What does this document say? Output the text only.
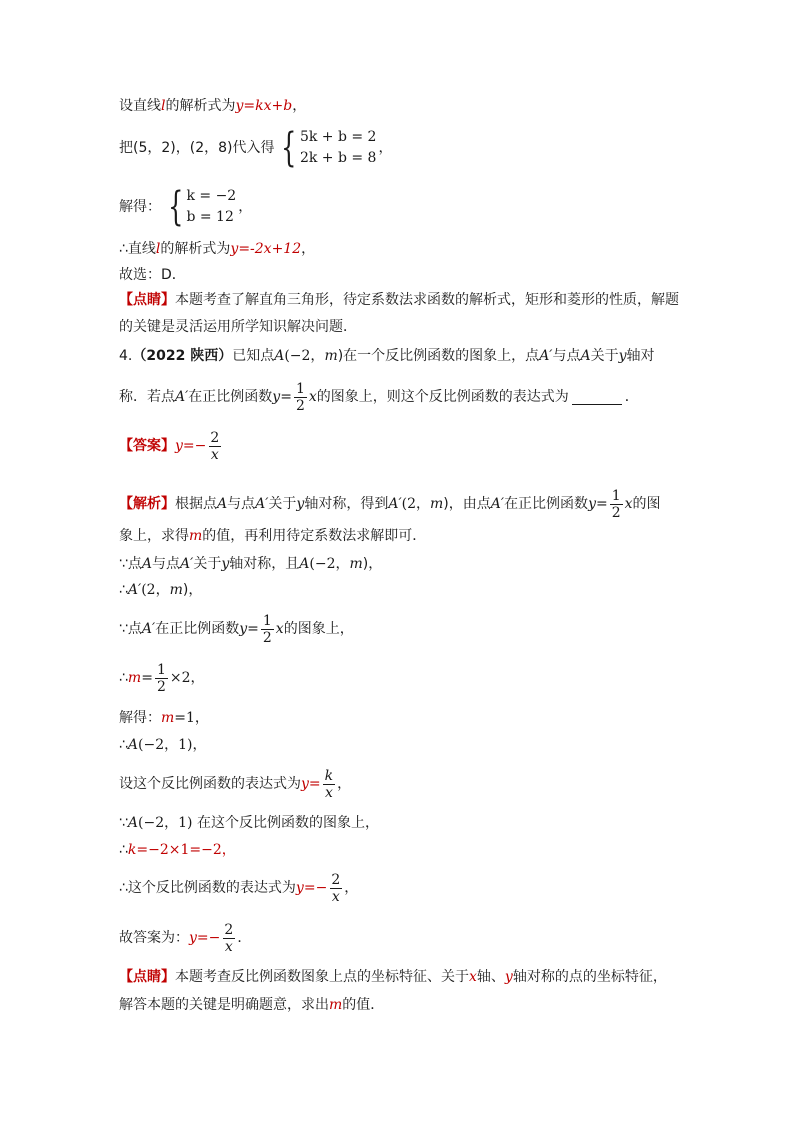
设直线 l 的解析式为 y=kx+b ，
把(5，2)，(2，8)代入得 { 5k + b = 2
2k + b = 8
，
解得： { k = −2
b = 12
，
∴直线 l 的解析式为 y=-2x+12 ，
故选：D．
【点睛】 本题考查了解直角三角形，待定系数法求函数的解析式，矩形和菱形的性质，解题
的关键是灵活运用所学知识解决问题．
4. （2022 陕西） 已知点 A (−2， m )在一个反比例函数的图象上，点 A′ 与点 A 关于 y 轴对
称．若点 A′ 在正比例函数 $y = \frac{1}{2}$ x 的图象上，则这个反比例函数的表达式为	．
【答案】 $y =- \frac{2}{x}$
【解析】 根据点 A 与点 A′ 关于 y 轴对称，得到 A′ (2， m )，由点 A′ 在正比例函数 $y = \frac{1}{2}$ x 的图
象上，求得 m 的值，再利用待定系数法求解即可．
∵点 A 与点 A′ 关于 y 轴对称，且 A (−2， m )，
∴ A′ (2， m )，
∵点 A′ 在正比例函数 $y = \frac{1}{2}$ x 的图象上，
∴ $m = \frac{1}{2} \times 2$，
解得： m =1，
∴ A (−2，1)，
设这个反比例函数的表达式为 $y = \frac{k}{x}$ ，
∵ A (−2，1) 在这个反比例函数的图象上，
∴ k =−2×1=−2，
∴这个反比例函数的表达式为 $y =- \frac{2}{x}$ ，
故答案为： $y =- \frac{2}{x}$ ．
【点睛】 本题考查反比例函数图象上点的坐标特征、关于 x 轴、 y 轴对称的点的坐标特征，
解答本题的关键是明确题意，求出 m 的值．
